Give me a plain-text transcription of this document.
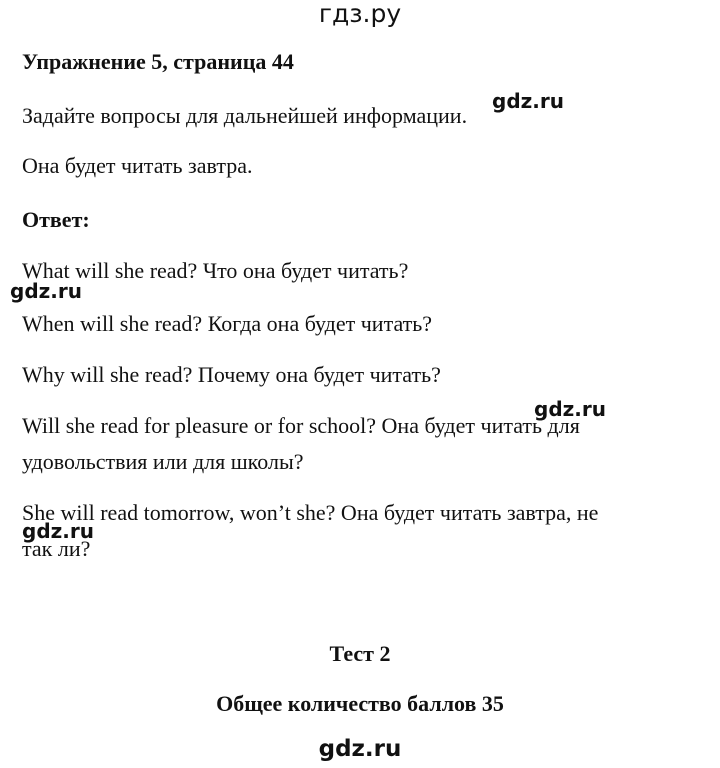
гдз.ру
Упражнение 5, страница 44
Задайте вопросы для дальнейшей информации.
Она будет читать завтра.
Ответ:
What will she read? Что она будет читать?
When will she read? Когда она будет читать?
Why will she read? Почему она будет читать?
Will she read for pleasure or for school? Она будет читать для
удовольствия или для школы?
She will read tomorrow, won’t she? Она будет читать завтра, не
так ли?
Тест 2
Общее количество баллов 35
gdz.ru
gdz.ru
gdz.ru
gdz.ru
gdz.ru
